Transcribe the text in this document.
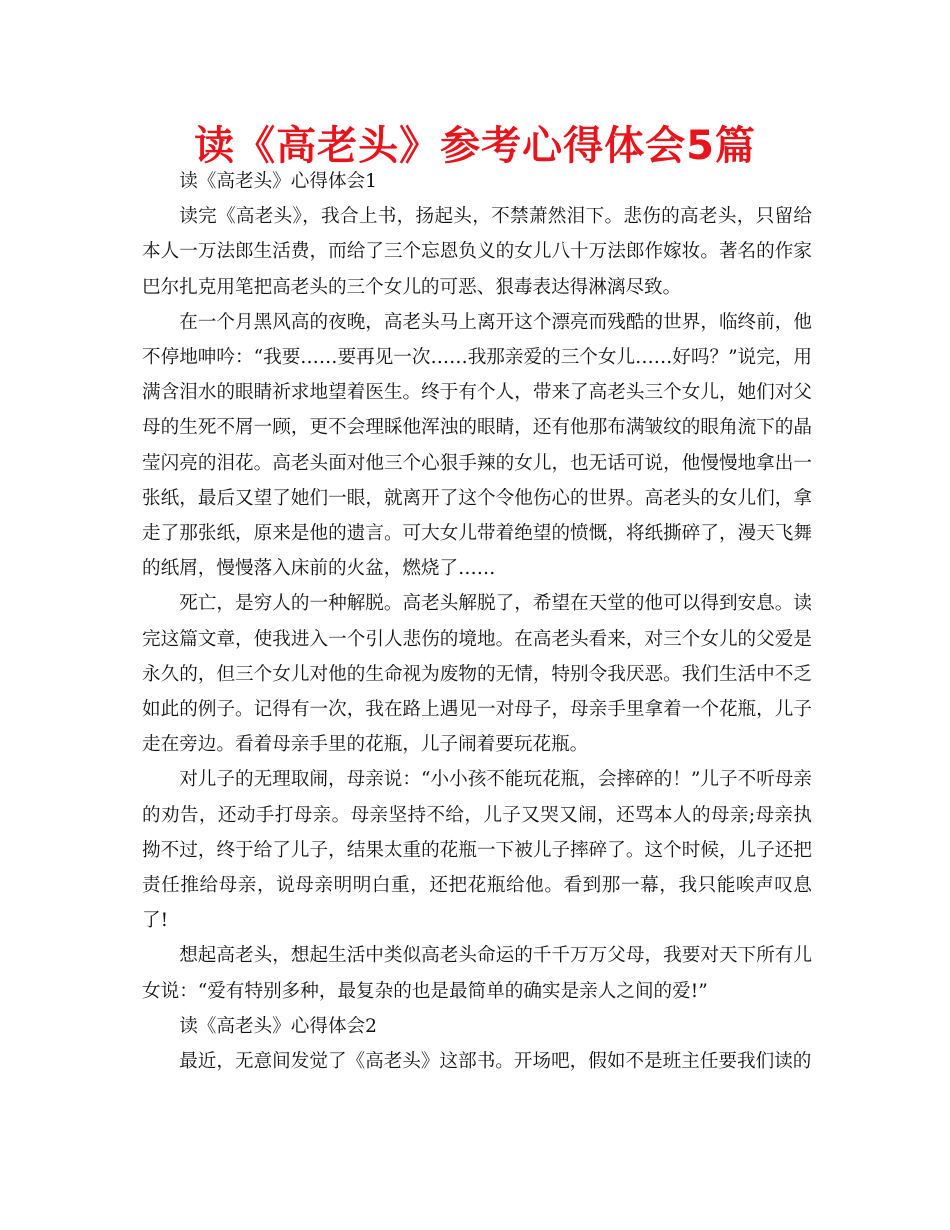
读《高老头》参考心得体会5篇

读《高老头》心得体会1

读完《高老头》，我合上书，扬起头，不禁萧然泪下。悲伤的高老头，只留给本人一万法郎生活费，而给了三个忘恩负义的女儿八十万法郎作嫁妆。著名的作家巴尔扎克用笔把高老头的三个女儿的可恶、狠毒表达得淋漓尽致。

在一个月黑风高的夜晚，高老头马上离开这个漂亮而残酷的世界，临终前，他不停地呻吟：“我要……要再见一次……我那亲爱的三个女儿……好吗？”说完，用满含泪水的眼睛祈求地望着医生。终于有个人，带来了高老头三个女儿，她们对父母的生死不屑一顾，更不会理睬他浑浊的眼睛，还有他那布满皱纹的眼角流下的晶莹闪亮的泪花。高老头面对他三个心狠手辣的女儿，也无话可说，他慢慢地拿出一张纸，最后又望了她们一眼，就离开了这个令他伤心的世界。高老头的女儿们，拿走了那张纸，原来是他的遗言。可大女儿带着绝望的愤慨，将纸撕碎了，漫天飞舞的纸屑，慢慢落入床前的火盆，燃烧了……

死亡，是穷人的一种解脱。高老头解脱了，希望在天堂的他可以得到安息。读完这篇文章，使我进入一个引人悲伤的境地。在高老头看来，对三个女儿的父爱是永久的，但三个女儿对他的生命视为废物的无情，特别令我厌恶。我们生活中不乏如此的例子。记得有一次，我在路上遇见一对母子，母亲手里拿着一个花瓶，儿子走在旁边。看着母亲手里的花瓶，儿子闹着要玩花瓶。

对儿子的无理取闹，母亲说：“小小孩不能玩花瓶，会摔碎的！”儿子不听母亲的劝告，还动手打母亲。母亲坚持不给，儿子又哭又闹，还骂本人的母亲;母亲执拗不过，终于给了儿子，结果太重的花瓶一下被儿子摔碎了。这个时候，儿子还把责任推给母亲，说母亲明明白重，还把花瓶给他。看到那一幕，我只能唉声叹息了!

想起高老头，想起生活中类似高老头命运的千千万万父母，我要对天下所有儿女说：“爱有特别多种，最复杂的也是最简单的确实是亲人之间的爱!”

读《高老头》心得体会2

最近，无意间发觉了《高老头》这部书。开场吧，假如不是班主任要我们读的
